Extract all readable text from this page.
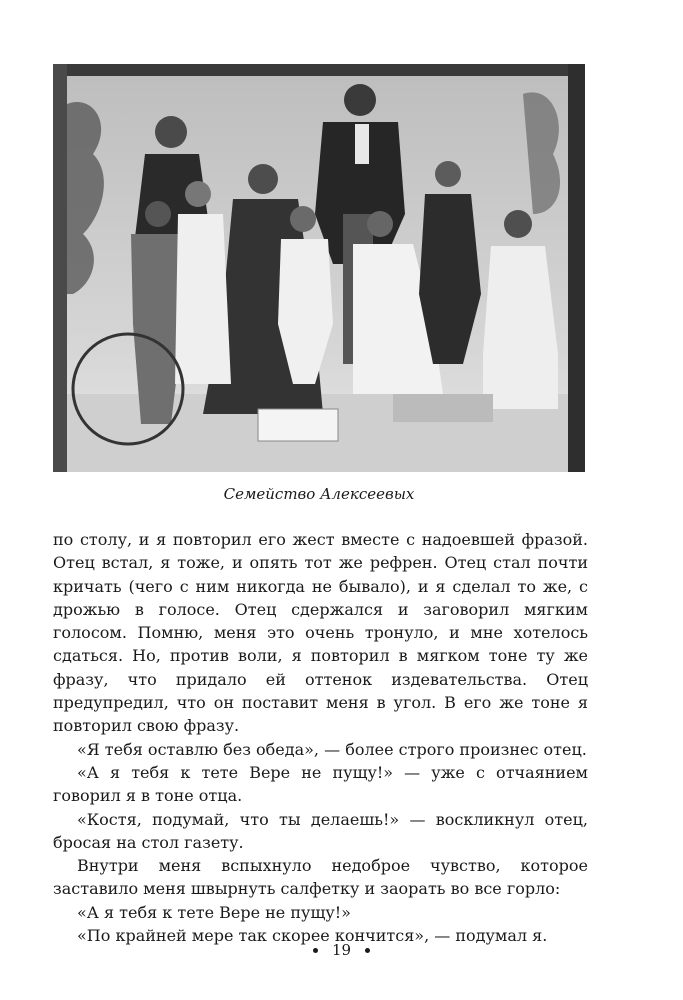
Семейство Алексеевых

по столу, и я повторил его жест вместе с надоевшей фразой. Отец встал, я тоже, и опять тот же рефрен. Отец стал почти кричать (чего с ним никогда не бывало), и я сделал то же, с дрожью в голосе. Отец сдержался и заговорил мягким голосом. Помню, меня это очень тронуло, и мне хотелось сдаться. Но, против воли, я повторил в мягком тоне ту же фразу, что придало ей оттенок издевательства. Отец предупредил, что он поставит меня в угол. В его же тоне я повторил свою фразу.

«Я тебя оставлю без обеда», — более строго произнес отец.

«А я тебя к тете Вере не пущу!» — уже с отчаянием говорил я в тоне отца.

«Костя, подумай, что ты делаешь!» — воскликнул отец, бросая на стол газету.

Внутри меня вспыхнуло недоброе чувство, которое заставило меня швырнуть салфетку и заорать во все горло:

«А я тебя к тете Вере не пущу!»

«По крайней мере так скорее кончится», — подумал я.

19
